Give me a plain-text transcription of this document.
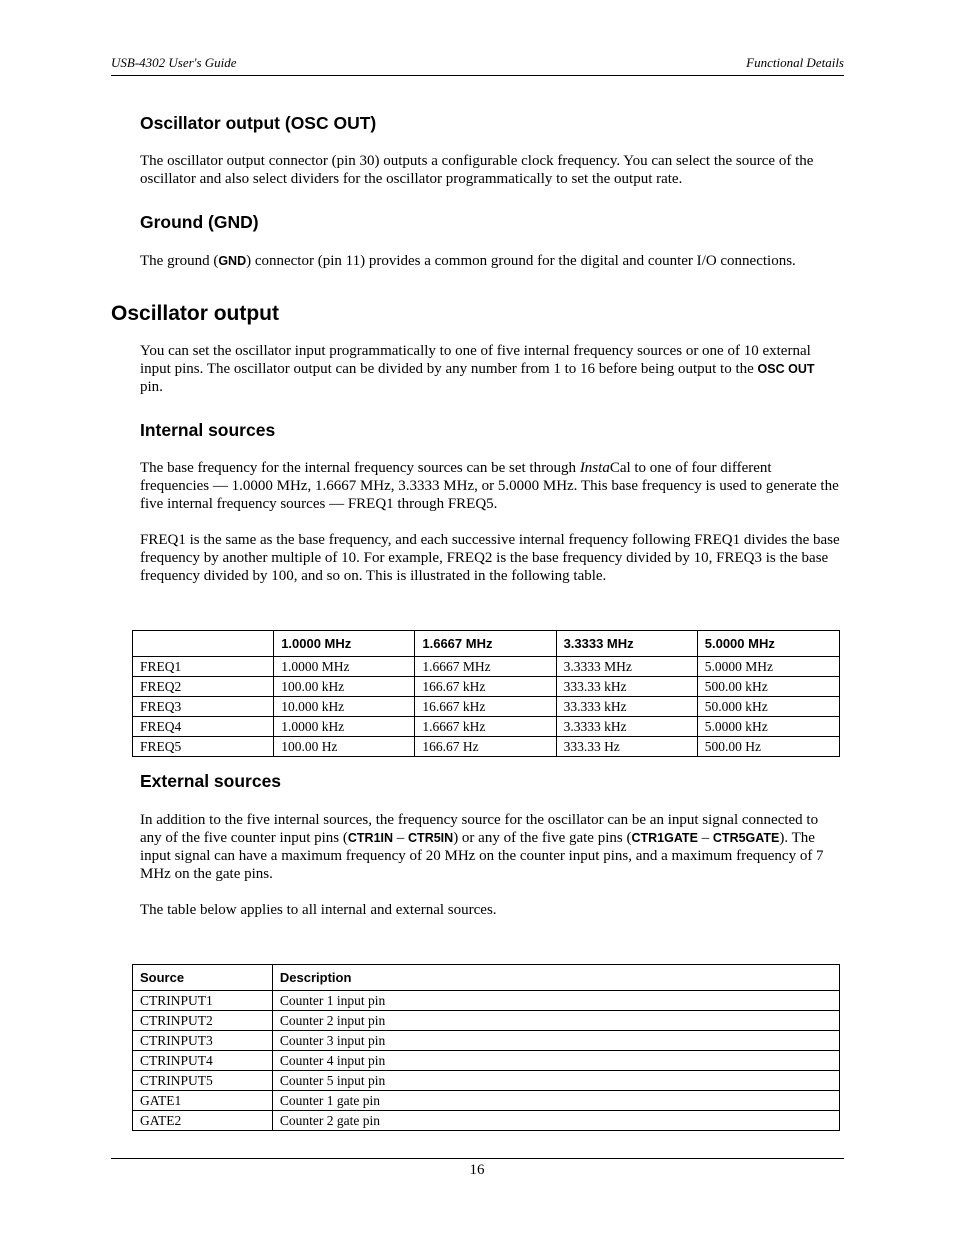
USB-4302 User's Guide	Functional Details
Oscillator output (OSC OUT)
The oscillator output connector (pin 30) outputs a configurable clock frequency. You can select the source of the oscillator and also select dividers for the oscillator programmatically to set the output rate.
Ground (GND)
The ground (GND) connector (pin 11) provides a common ground for the digital and counter I/O connections.
Oscillator output
You can set the oscillator input programmatically to one of five internal frequency sources or one of 10 external input pins. The oscillator output can be divided by any number from 1 to 16 before being output to the OSC OUT pin.
Internal sources
The base frequency for the internal frequency sources can be set through InstaCal to one of four different frequencies — 1.0000 MHz, 1.6667 MHz, 3.3333 MHz, or 5.0000 MHz. This base frequency is used to generate the five internal frequency sources — FREQ1 through FREQ5.
FREQ1 is the same as the base frequency, and each successive internal frequency following FREQ1 divides the base frequency by another multiple of 10. For example, FREQ2 is the base frequency divided by 10, FREQ3 is the base frequency divided by 100, and so on. This is illustrated in the following table.
	1.0000 MHz	1.6667 MHz	3.3333 MHz	5.0000 MHz
FREQ1	1.0000 MHz	1.6667 MHz	3.3333 MHz	5.0000 MHz
FREQ2	100.00 kHz	166.67 kHz	333.33 kHz	500.00 kHz
FREQ3	10.000 kHz	16.667 kHz	33.333 kHz	50.000 kHz
FREQ4	1.0000 kHz	1.6667 kHz	3.3333 kHz	5.0000 kHz
FREQ5	100.00 Hz	166.67 Hz	333.33 Hz	500.00 Hz
External sources
In addition to the five internal sources, the frequency source for the oscillator can be an input signal connected to any of the five counter input pins (CTR1IN – CTR5IN) or any of the five gate pins (CTR1GATE – CTR5GATE). The input signal can have a maximum frequency of 20 MHz on the counter input pins, and a maximum frequency of 7 MHz on the gate pins.
The table below applies to all internal and external sources.
Source	Description
CTRINPUT1	Counter 1 input pin
CTRINPUT2	Counter 2 input pin
CTRINPUT3	Counter 3 input pin
CTRINPUT4	Counter 4 input pin
CTRINPUT5	Counter 5 input pin
GATE1	Counter 1 gate pin
GATE2	Counter 2 gate pin
16
